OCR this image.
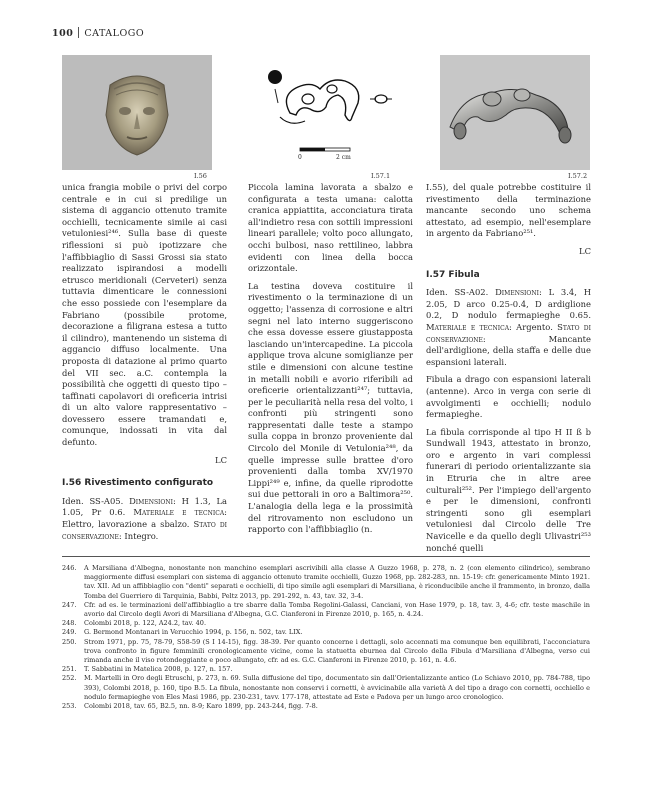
100 CATALOGO
I.56
0	2 cm
I.57.1	I.57.2

unica frangia mobile o privi del corpo centrale e in cui si predilige un sistema di aggancio ottenuto tramite occhielli, tecnicamente simile ai casi vetuloniesi²⁴⁶. Sulla base di queste riflessioni si può ipotizzare che l'affibbiaglio di Sassi Grossi sia stato realizzato ispirandosi a modelli etrusco meridionali (Cerveteri) senza tuttavia dimenticare le connessioni che esso possiede con l'esemplare da Fabriano (possibile protome, decorazione a filigrana estesa a tutto il cilindro), mantenendo un sistema di aggancio diffuso localmente. Una proposta di datazione al primo quarto del VII sec. a.C. contempla la possibilità che oggetti di questo tipo – taffinati capolavori di oreficeria intrisi di un alto valore rappresentativo – dovessero essere tramandati e, comunque, indossati in vita dal defunto.

LC
I.56 Rivestimento configurato

Iden. SS-A05. Dimensioni: H 1.3, La 1.05, Pr 0.6. Materiale e tecnica: Elettro, lavorazione a sbalzo. Stato di conservazione: Integro.

Piccola lamina lavorata a sbalzo e configurata a testa umana: calotta cranica appiattita, acconciatura tirata all'indietro resa con sottili impressioni lineari parallele; volto poco allungato, occhi bulbosi, naso rettilineo, labbra evidenti con linea della bocca orizzontale.

La testina doveva costituire il rivestimento o la terminazione di un oggetto; l'assenza di corrosione e altri segni nel lato interno suggeriscono che essa dovesse essere giustapposta lasciando un'intercapedine. La piccola applique trova alcune somiglianze per stile e dimensioni con alcune testine in metalli nobili e avorio riferibili ad oreficerie orientalizzanti²⁴⁷; tuttavia, per le peculiarità nella resa del volto, i confronti più stringenti sono rappresentati dalle teste a stampo sulla coppa in bronzo proveniente dal Circolo del Monile di Vetulonia²⁴⁸, da quelle impresse sulle brattee d'oro provenienti dalla tomba XV/1970 Lippi²⁴⁹ e, infine, da quelle riprodotte sui due pettorali in oro a Baltimora²⁵⁰. L'analogia della lega e la prossimità del ritrovamento non escludono un rapporto con l'affibbiaglio (n.

I.55), del quale potrebbe costituire il rivestimento della terminazione mancante secondo uno schema attestato, ad esempio, nell'esemplare in argento da Fabriano²⁵¹.

LC
I.57 Fibula

Iden. SS-A02. Dimensioni: L 3.4, H 2.05, D arco 0.25-0.4, D ardiglione 0.2, D nodulo fermapieghe 0.65. Materiale e tecnica: Argento. Stato di conservazione: Mancante dell'ardiglione, della staffa e delle due espansioni laterali.

Fibula a drago con espansioni laterali (antenne). Arco in verga con serie di avvolgimenti e occhielli; nodulo fermapieghe.

La fibula corrisponde al tipo H II ß b Sundwall 1943, attestato in bronzo, oro e argento in vari complessi funerari di periodo orientalizzante sia in Etruria che in altre aree culturali²⁵². Per l'impiego dell'argento e per le dimensioni, confronti stringenti sono gli esemplari vetuloniesi dal Circolo delle Tre Navicelle e da quello degli Ulivastri²⁵³ nonché quelli

246.	A Marsiliana d'Albegna, nonostante non manchino esemplari ascrivibili alla classe A Guzzo 1968, p. 278, n. 2 (con elemento cilindrico), sembrano maggiormente diffusi esemplari con sistema di aggancio ottenuto tramite occhielli, Guzzo 1968, pp. 282-283, nn. 15-19: cfr. genericamente Minto 1921. tav. XII. Ad un affibbiaglio con "denti" separati e occhielli, di tipo simile agli esemplari di Marsiliana, è riconducibile anche il frammento, in bronzo, dalla Tomba del Guerriero di Tarquinia, Babbi, Peltz 2013, pp. 291-292, n. 43, tav. 32, 3-4.
247.	Cfr. ad es. le terminazioni dell'affibbiaglio a tre sbarre dalla Tomba Regolini-Galassi, Canciani, von Hase 1979, p. 18, tav. 3, 4-6; cfr. teste maschile in avorio dal Circolo degli Avori di Marsiliana d'Albegna, G.C. Cianferoni in Firenze 2010, p. 165, n. 4.24.
248.	Colombi 2018, p. 122, A24.2, tav. 40.
249.	G. Bermond Montanari in Verucchio 1994, p. 156, n. 502, tav. LIX.
250.	Strom 1971, pp. 75, 78-79, S58-59 (S I 14-15), figg. 38-39. Per quanto concerne i dettagli, solo accennati ma comunque ben equilibrati, l'acconciatura trova confronto in figure femminili cronologicamente vicine, come la statuetta eburnea dal Circolo della Fibula d'Marsiliana d'Albegna, verso cui rimanda anche il viso rotondeggiante e poco allungato, cfr. ad es. G.C. Cianferoni in Firenze 2010, p. 161, n. 4.6.
251.	T. Sabbatini in Matelica 2008, p. 127, n. 157.
252.	M. Martelli in Oro degli Etruschi, p. 273, n. 69. Sulla diffusione del tipo, documentato sin dall'Orientalizzante antico (Lo Schiavo 2010, pp. 784-788, tipo 393), Colombi 2018, p. 160, tipo B.5. La fibula, nonostante non conservi i cornetti, è avvicinabile alla varietà A del tipo a drago con cornetti, occhiello e nodulo fermapieghe von Eles Masi 1986, pp. 230-231, tavv. 177-178, attestate ad Este e Padova per un lungo arco cronologico.
253.	Colombi 2018, tav. 65, B2.5, nn. 8-9; Karo 1899, pp. 243-244, figg. 7-8.
